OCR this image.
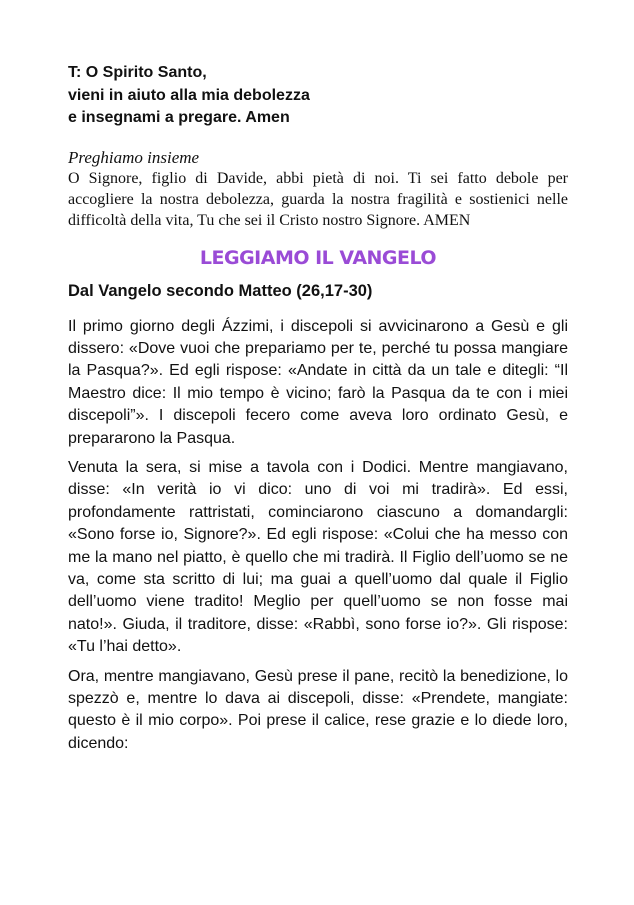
T: O Spirito Santo,
vieni in aiuto alla mia debolezza
e insegnami a pregare. Amen
Preghiamo insieme
O Signore, figlio di Davide, abbi pietà di noi. Ti sei fatto debole per accogliere la nostra debolezza, guarda la nostra fragilità e sostienici nelle difficoltà della vita, Tu che sei il Cristo nostro Signore. AMEN
LEGGIAMO IL VANGELO
Dal Vangelo secondo Matteo (26,17-30)

Il primo giorno degli Ázzimi, i discepoli si avvicinarono a Gesù e gli dissero: «Dove vuoi che prepariamo per te, perché tu possa mangiare la Pasqua?». Ed egli rispose: «Andate in città da un tale e ditegli: “Il Maestro dice: Il mio tempo è vicino; farò la Pasqua da te con i miei discepoli”». I discepoli fecero come aveva loro ordinato Gesù, e prepararono la Pasqua.

Venuta la sera, si mise a tavola con i Dodici. Mentre mangiavano, disse: «In verità io vi dico: uno di voi mi tradirà». Ed essi, profondamente rattristati, cominciarono ciascuno a domandargli: «Sono forse io, Signore?». Ed egli rispose: «Colui che ha messo con me la mano nel piatto, è quello che mi tradirà. Il Figlio dell’uomo se ne va, come sta scritto di lui; ma guai a quell’uomo dal quale il Figlio dell’uomo viene tradito! Meglio per quell’uomo se non fosse mai nato!». Giuda, il traditore, disse: «Rabbì, sono forse io?». Gli rispose: «Tu l’hai detto».

Ora, mentre mangiavano, Gesù prese il pane, recitò la benedizione, lo spezzò e, mentre lo dava ai discepoli, disse: «Prendete, mangiate: questo è il mio corpo». Poi prese il calice, rese grazie e lo diede loro, dicendo:
